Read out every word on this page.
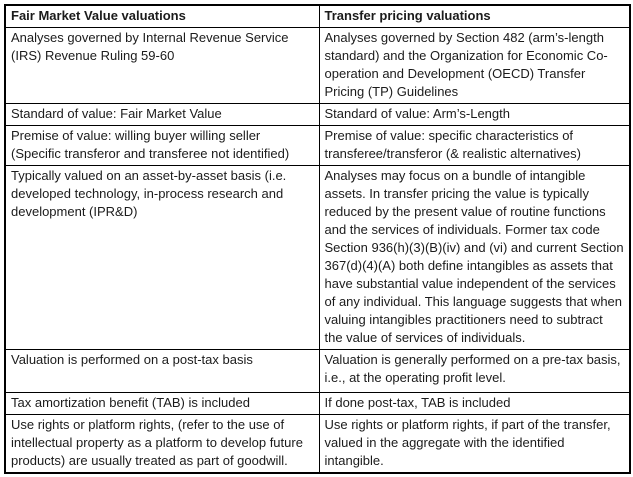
Fair Market Value valuations	Transfer pricing valuations
Analyses governed by Internal Revenue Service (IRS) Revenue Ruling 59-60	Analyses governed by Section 482 (arm’s-length standard) and the Organization for Economic Co-operation and Development (OECD) Transfer Pricing (TP) Guidelines
Standard of value: Fair Market Value	Standard of value: Arm’s-Length
Premise of value: willing buyer willing seller (Specific transferor and transferee not identified)	Premise of value: specific characteristics of transferee/transferor (& realistic alternatives)
Typically valued on an asset-by-asset basis (i.e. developed technology, in-process research and development (IPR&D)	Analyses may focus on a bundle of intangible assets. In transfer pricing the value is typically reduced by the present value of routine functions and the services of individuals. Former tax code Section 936(h)(3)(B)(iv) and (vi) and current Section 367(d)(4)(A) both define intangibles as assets that have substantial value independent of the services of any individual. This language suggests that when valuing intangibles practitioners need to subtract the value of services of individuals.
Valuation is performed on a post-tax basis	Valuation is generally performed on a pre-tax basis, i.e., at the operating profit level.
Tax amortization benefit (TAB) is included	If done post-tax, TAB is included
Use rights or platform rights, (refer to the use of intellectual property as a platform to develop future products) are usually treated as part of goodwill.	Use rights or platform rights, if part of the transfer, valued in the aggregate with the identified intangible.
